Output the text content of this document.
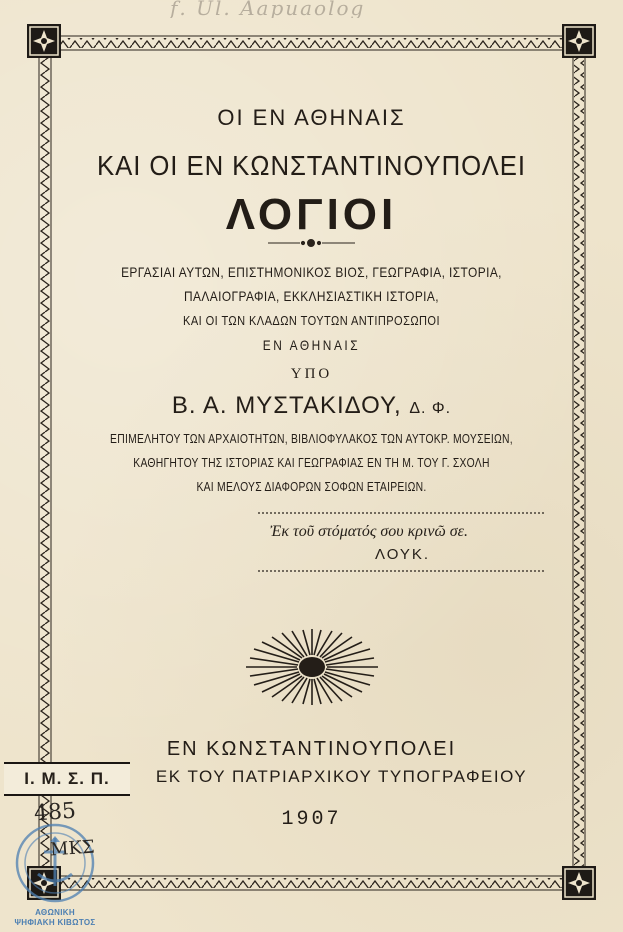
ƒ. Ul. Aapuaolog
ΟΙ ΕΝ ΑΘΗΝΑΙΣ
ΚΑΙ ΟΙ ΕΝ ΚΩΝΣΤΑΝΤΙΝΟΥΠΟΛΕΙ
ΛΟΓΙΟΙ
ΕΡΓΑΣΙΑΙ ΑΥΤΩΝ, ΕΠΙΣΤΗΜΟΝΙΚΟΣ ΒΙΟΣ, ΓΕΩΓΡΑΦΙΑ, ΙΣΤΟΡΙΑ,
ΠΑΛΑΙΟΓΡΑΦΙΑ, ΕΚΚΛΗΣΙΑΣΤΙΚΗ ΙΣΤΟΡΙΑ,
ΚΑΙ ΟΙ ΤΩΝ ΚΛΑΔΩΝ ΤΟΥΤΩΝ ΑΝΤΙΠΡΟΣΩΠΟΙ
ΕΝ ΑΘΗΝΑΙΣ
ΥΠΟ
Β. Α. ΜΥΣΤΑΚΙΔΟΥ, Δ. Φ.
ΕΠΙΜΕΛΗΤΟΥ ΤΩΝ ΑΡΧΑΙΟΤΗΤΩΝ, ΒΙΒΛΙΟΦΥΛΑΚΟΣ ΤΩΝ ΑΥΤΟΚΡ. ΜΟΥΣΕΙΩΝ,
ΚΑΘΗΓΗΤΟΥ ΤΗΣ ΙΣΤΟΡΙΑΣ ΚΑΙ ΓΕΩΓΡΑΦΙΑΣ ΕΝ ΤΗ Μ. ΤΟΥ Γ. ΣΧΟΛΗ
ΚΑΙ ΜΕΛΟΥΣ ΔΙΑΦΟΡΩΝ ΣΟΦΩΝ ΕΤΑΙΡΕΙΩΝ.
Ἐκ τοῦ στόματός σου κρινῶ σε.
ΛΟΥΚ.
ΕΝ ΚΩΝΣΤΑΝΤΙΝΟΥΠΟΛΕΙ
ΕΚ ΤΟΥ ΠΑΤΡΙΑΡΧΙΚΟΥ ΤΥΠΟΓΡΑΦΕΙΟΥ
1907
Ι. Μ. Σ. Π.
485
ΜΚΣ
ΑΘΩΝΙΚΗ
ΨΗΦΙΑΚΗ ΚΙΒΩΤΟΣ
